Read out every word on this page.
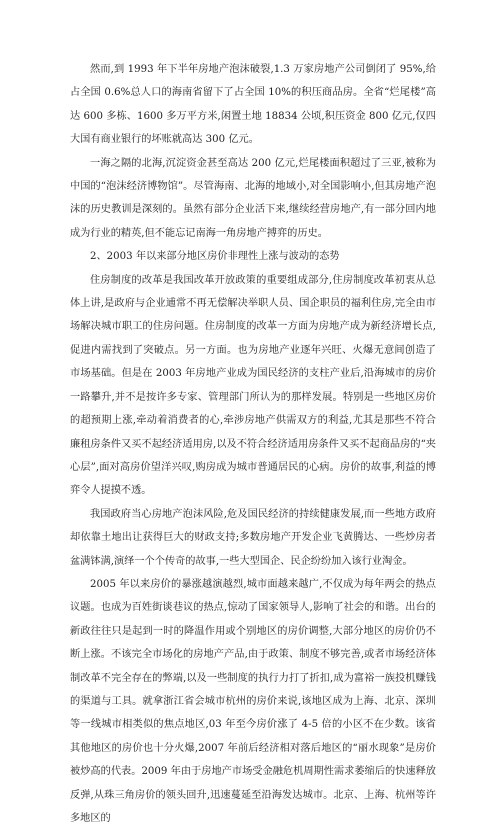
然而,到 1993 年下半年房地产泡沫破裂,1.3 万家房地产公司倒闭了 95%,给占全国 0.6%总人口的海南省留下了占全国 10%的积压商品房。全省“烂尾楼”高达 600 多栋、1600 多万平方米,闲置土地 18834 公顷,积压资金 800 亿元,仅四大国有商业银行的坏账就高达 300 亿元。

一海之隔的北海,沉淀资金甚至高达 200 亿元,烂尾楼面积超过了三亚,被称为中国的“泡沫经济博物馆”。尽管海南、北海的地域小,对全国影响小,但其房地产泡沫的历史教训是深刻的。虽然有部分企业活下来,继续经营房地产,有一部分回内地成为行业的精英,但不能忘记南海一角房地产搏弈的历史。

2、2003 年以来部分地区房价非理性上涨与波动的态势

住房制度的改革是我国改革开放政策的重要组成部分,住房制度改革初衷从总体上讲,是政府与企业逋常不再无偿解决举职人员、国企职员的福利住房,完全由市场解决城市职工的住房问题。住房制度的改革一方面为房地产成为新经济增长点,促进内需找到了突破点。另一方面。也为房地产业逐年兴旺、火爆无意间创造了市场基础。但是在 2003 年房地产业成为国民经济的支柱产业后,沿海城市的房价一路攀升,并不是按许多专家、管理部门所认为的那样发展。特别是一些地区房价的超预期上涨,牵动着消费者的心,牵涉房地产供需双方的利益,尤其是那些不符合廉租房条件又买不起经济适用房,以及不符合经济适用房条件又买不起商品房的“夹心层”,面对高房价望洋兴叹,购房成为城市普通居民的心病。房价的故事,利益的博弈令人提摸不透。

我国政府当心房地产泡沫风险,危及国民经济的持续健康发展,而一些地方政府却依靠土地出让获得巨大的财政支持;多数房地产开发企业飞黄腾达、一些炒房者盆满钵满,演绎一个个传奇的故事,一些大型国企、民企纷纷加入该行业淘金。

2005 年以来房价的暴涨越演越烈,城市面越来越广,不仅成为每年两会的热点议题。也成为百姓街谈巷议的热点,惊动了国家领导人,影响了社会的和谐。出台的新政往往只是起到一时的降温作用或个别地区的房价调整,大部分地区的房价仍不断上涨。不该完全市场化的房地产产品,由于政策、制度不够完善,或者市场经济体制改革不完全存在的弊端,以及一些制度的执行力打了折扣,成为富裕一族投机赚钱的渠道与工具。就拿浙江省会城市杭州的房价来说,该地区成为上海、北京、深圳等一线城市相类似的焦点地区,03 年至今房价涨了 4-5 倍的小区不在少数。该省其他地区的房价也十分火爆,2007 年前后经济相对落后地区的“丽水现象”是房价被炒高的代表。2009 年由于房地产市场受金融危机周期性需求萎缩后的快速释放反弹,从珠三角房价的领头回升,迅速蔓延至沿海发达城市。北京、上海、杭州等许多地区的
